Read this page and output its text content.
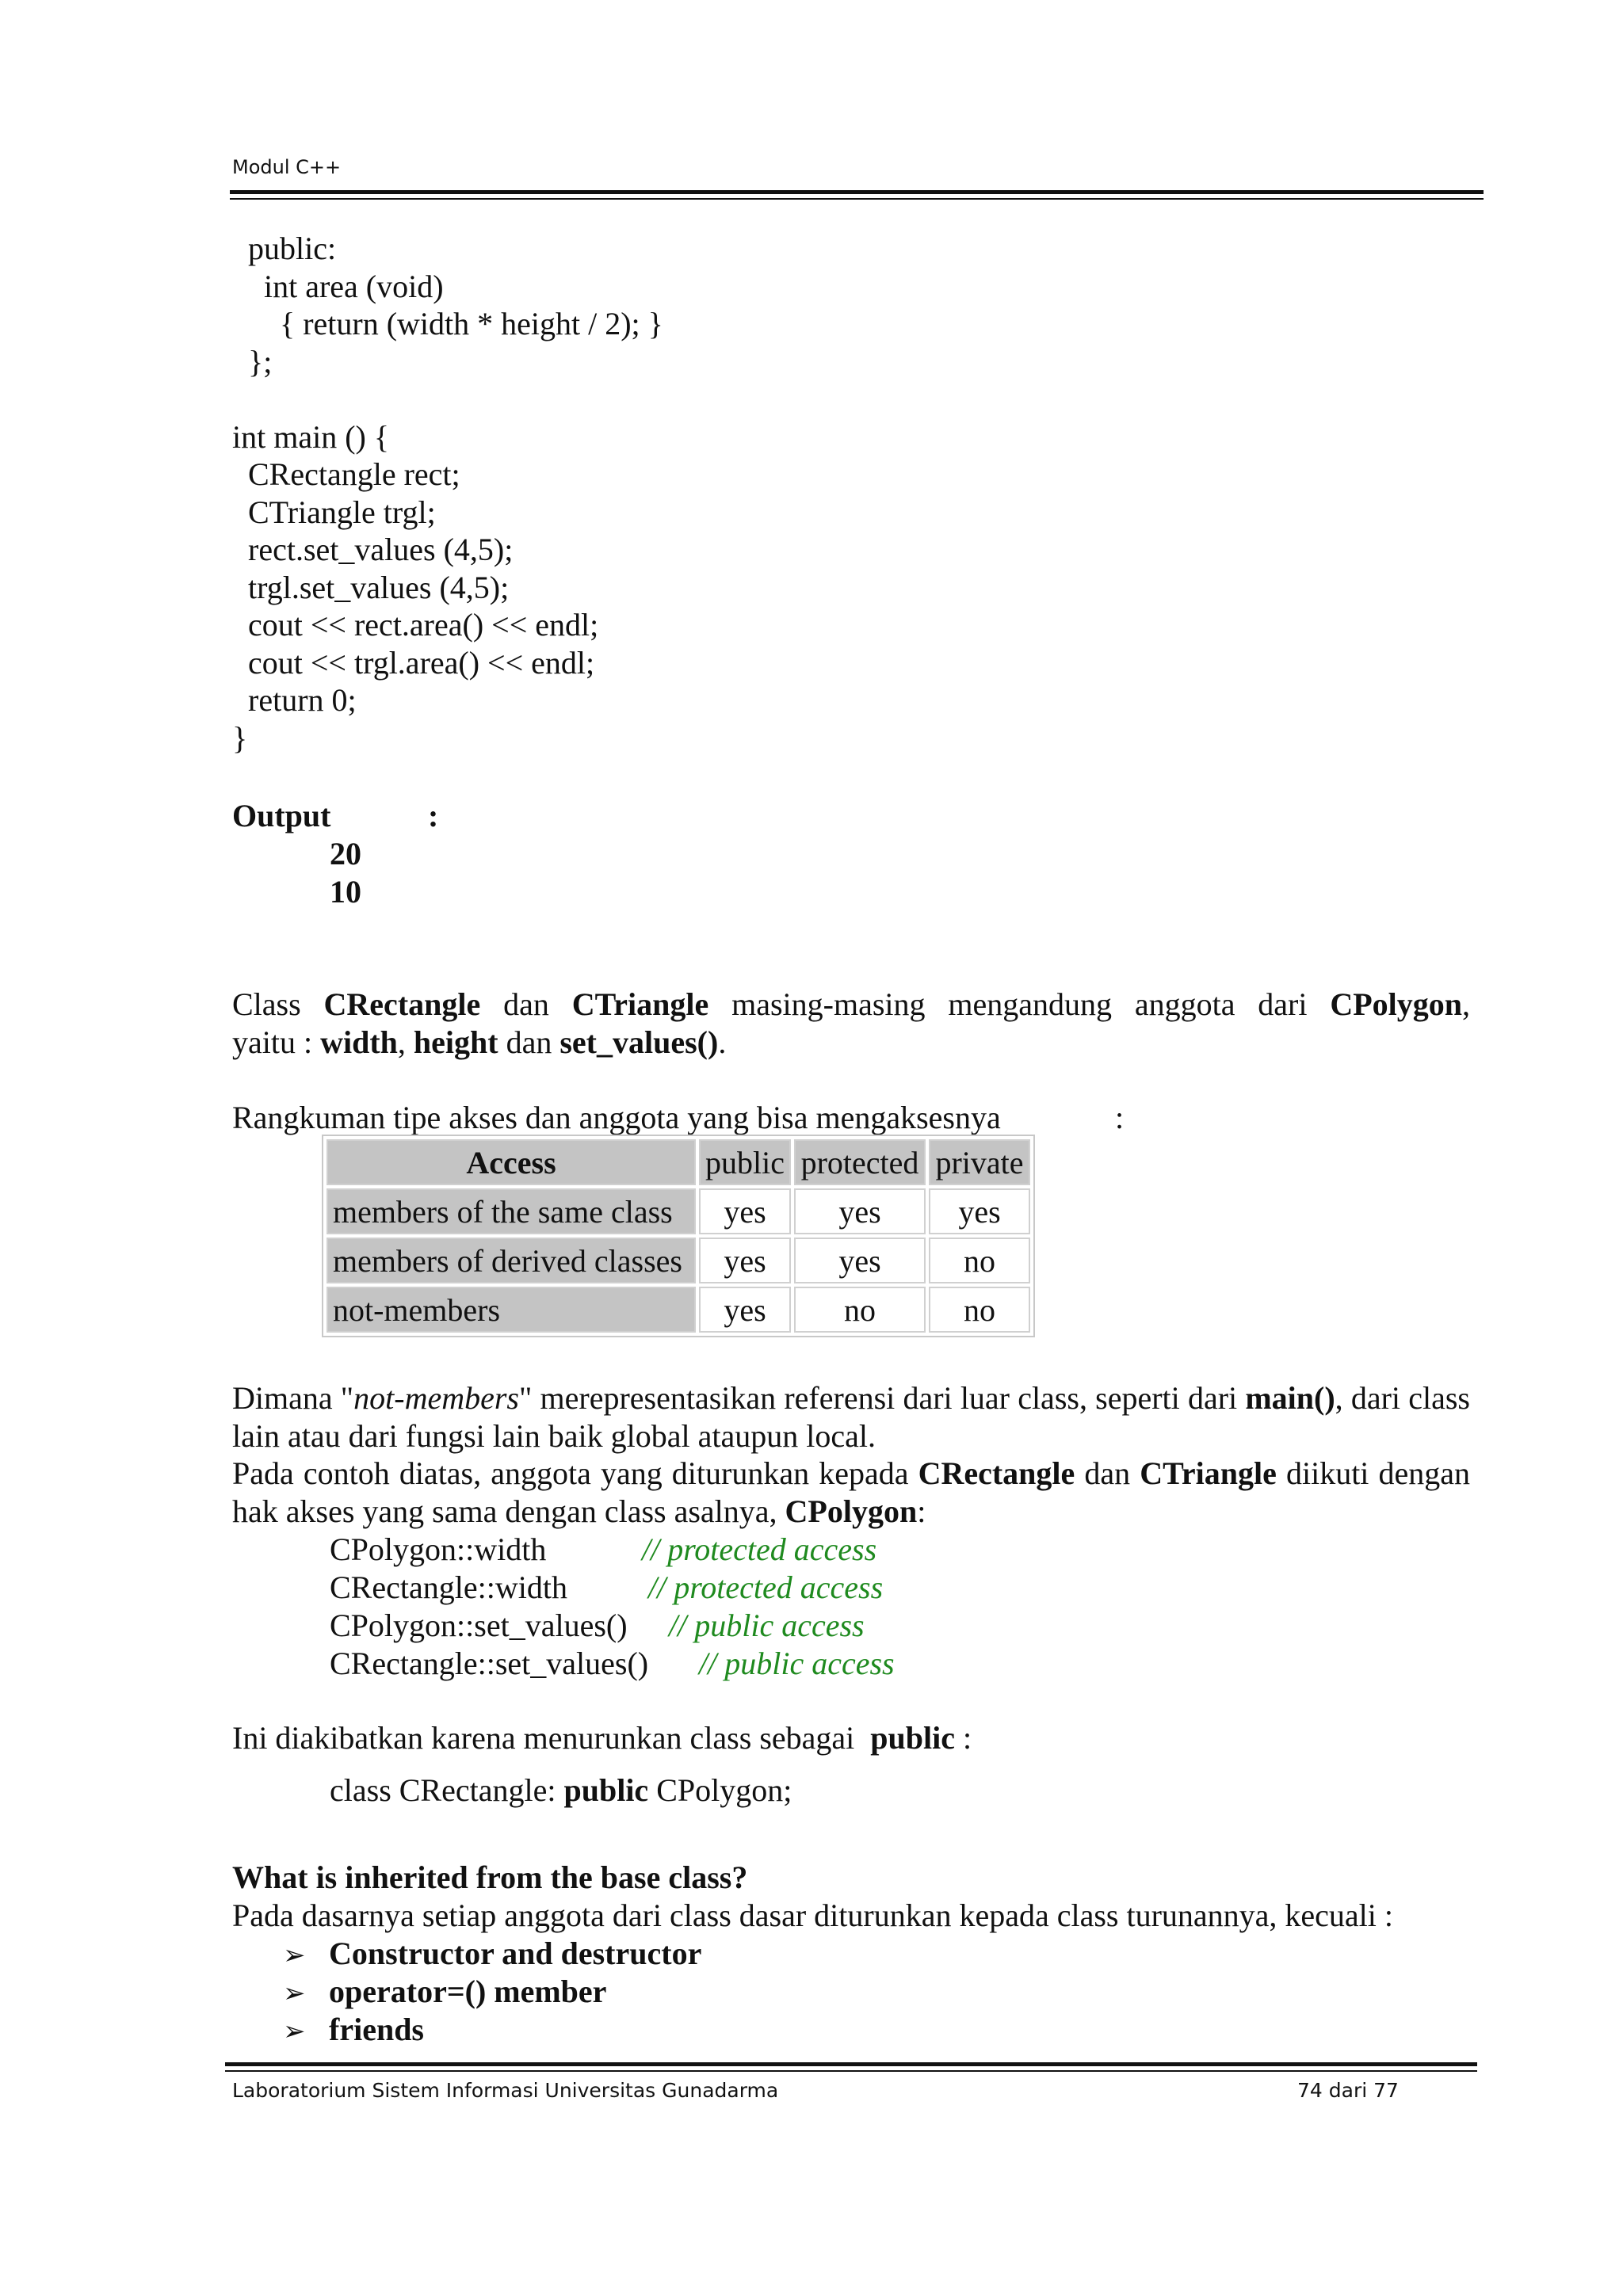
Modul C++
public:
int area (void)
{ return (width * height / 2); }
};
int main () {
CRectangle rect;
CTriangle trgl;
rect.set_values (4,5);
trgl.set_values (4,5);
cout << rect.area() << endl;
cout << trgl.area() << endl;
return 0;
}
Output	:
20
10
Class CRectangle dan CTriangle masing-masing mengandung anggota dari CPolygon,
yaitu : width, height dan set_values().
Rangkuman tipe akses dan anggota yang bisa mengaksesnya	:
Access	public	protected	private
members of the same class	yes	yes	yes
members of derived classes	yes	yes	no
not-members	yes	no	no
Dimana "not-members" merepresentasikan referensi dari luar class, seperti dari main(), dari class lain atau dari fungsi lain baik global ataupun local.
Pada contoh diatas, anggota yang diturunkan kepada CRectangle dan CTriangle diikuti dengan hak akses yang sama dengan class asalnya, CPolygon:
CPolygon::width	// protected access
CRectangle::width	// protected access
CPolygon::set_values() // public access
CRectangle::set_values() // public access
Ini diakibatkan karena menurunkan class sebagai public :
class CRectangle: public CPolygon;
What is inherited from the base class?
Pada dasarnya setiap anggota dari class dasar diturunkan kepada class turunannya, kecuali :
➢ Constructor and destructor
➢ operator=() member
➢ friends
Laboratorium Sistem Informasi Universitas Gunadarma	74 dari 77
